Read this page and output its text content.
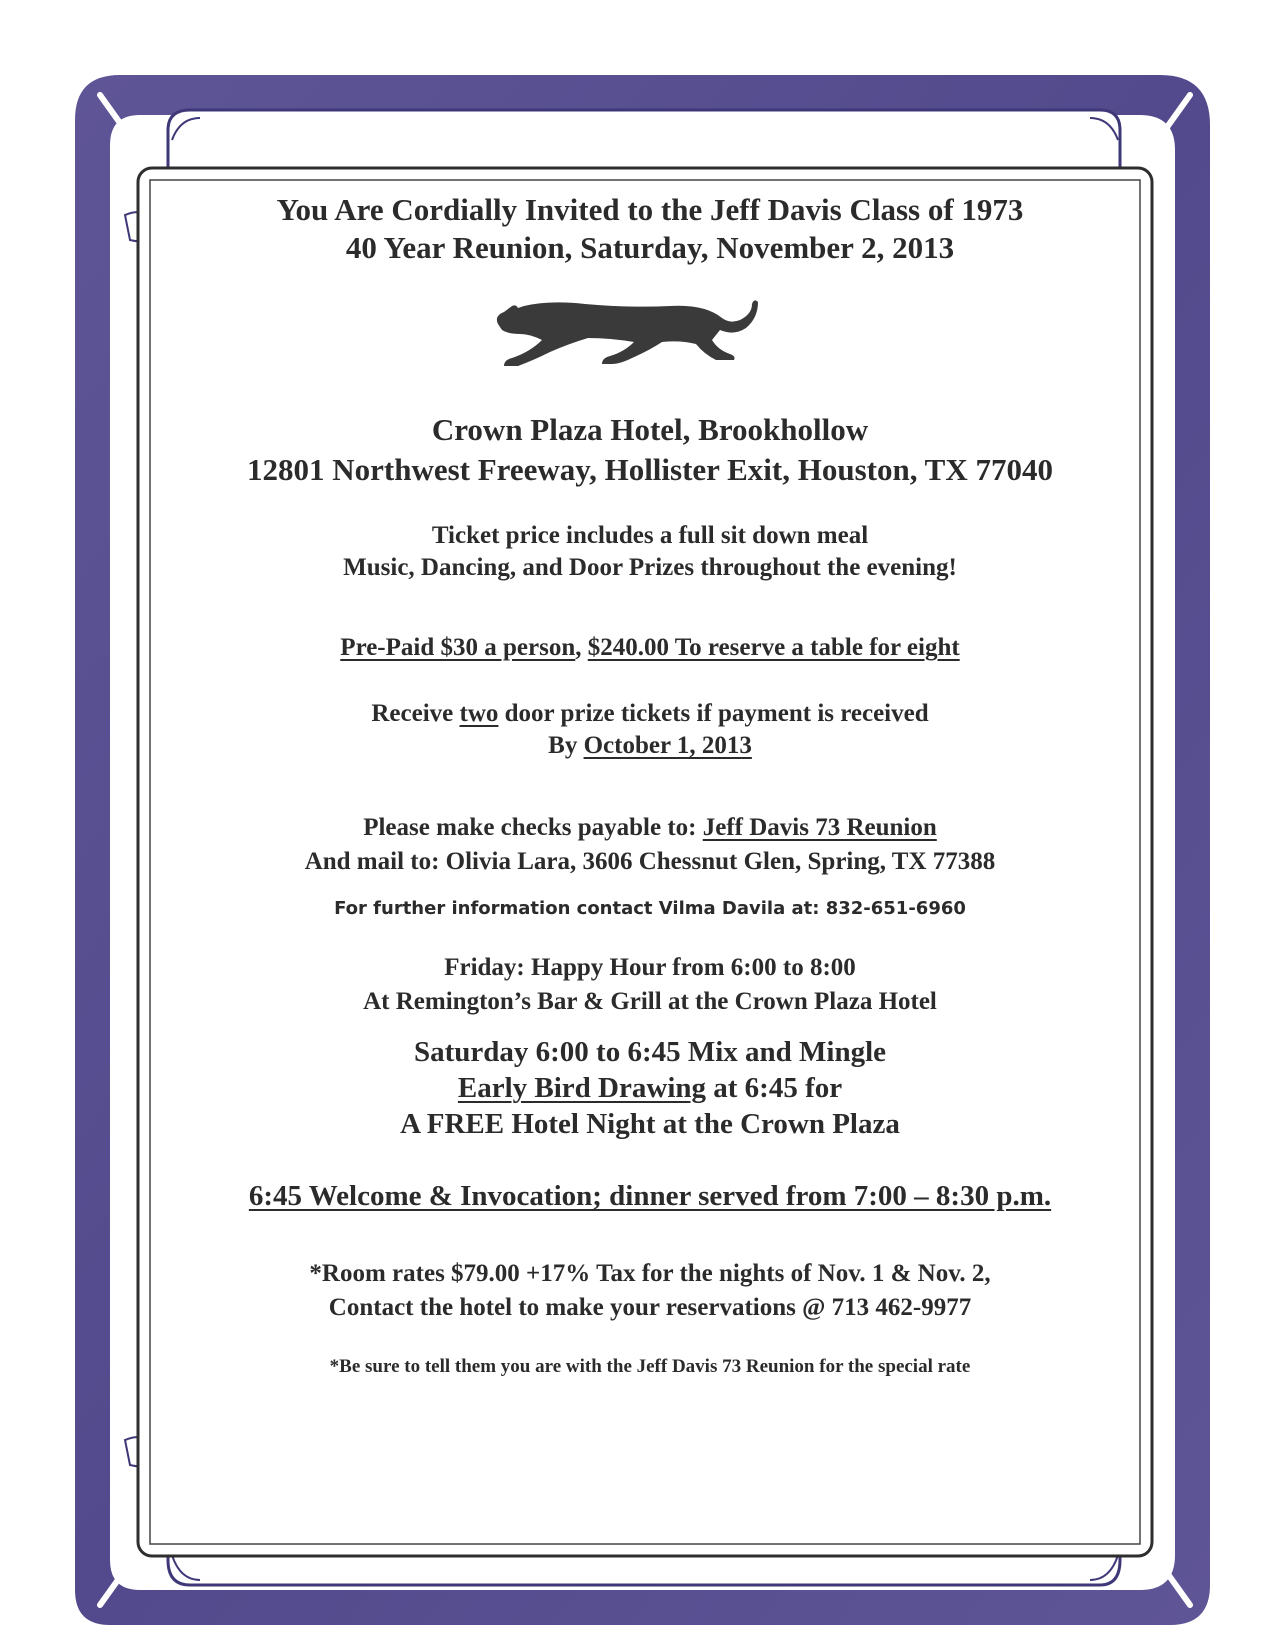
You Are Cordially Invited to the Jeff Davis Class of 1973
40 Year Reunion, Saturday, November 2, 2013
Crown Plaza Hotel, Brookhollow
12801 Northwest Freeway, Hollister Exit, Houston, TX 77040
Ticket price includes a full sit down meal
Music, Dancing, and Door Prizes throughout the evening!
Pre-Paid $30 a person, $240.00 To reserve a table for eight
Receive two door prize tickets if payment is received
By October 1, 2013
Please make checks payable to: Jeff Davis 73 Reunion
And mail to: Olivia Lara, 3606 Chessnut Glen, Spring, TX 77388
For further information contact Vilma Davila at: 832-651-6960
Friday: Happy Hour from 6:00 to 8:00
At Remington’s Bar & Grill at the Crown Plaza Hotel
Saturday 6:00 to 6:45 Mix and Mingle
Early Bird Drawing at 6:45 for
A FREE Hotel Night at the Crown Plaza
6:45 Welcome & Invocation; dinner served from 7:00 – 8:30 p.m.
*Room rates $79.00 +17% Tax for the nights of Nov. 1 & Nov. 2,
Contact the hotel to make your reservations @ 713 462-9977
*Be sure to tell them you are with the Jeff Davis 73 Reunion for the special rate
